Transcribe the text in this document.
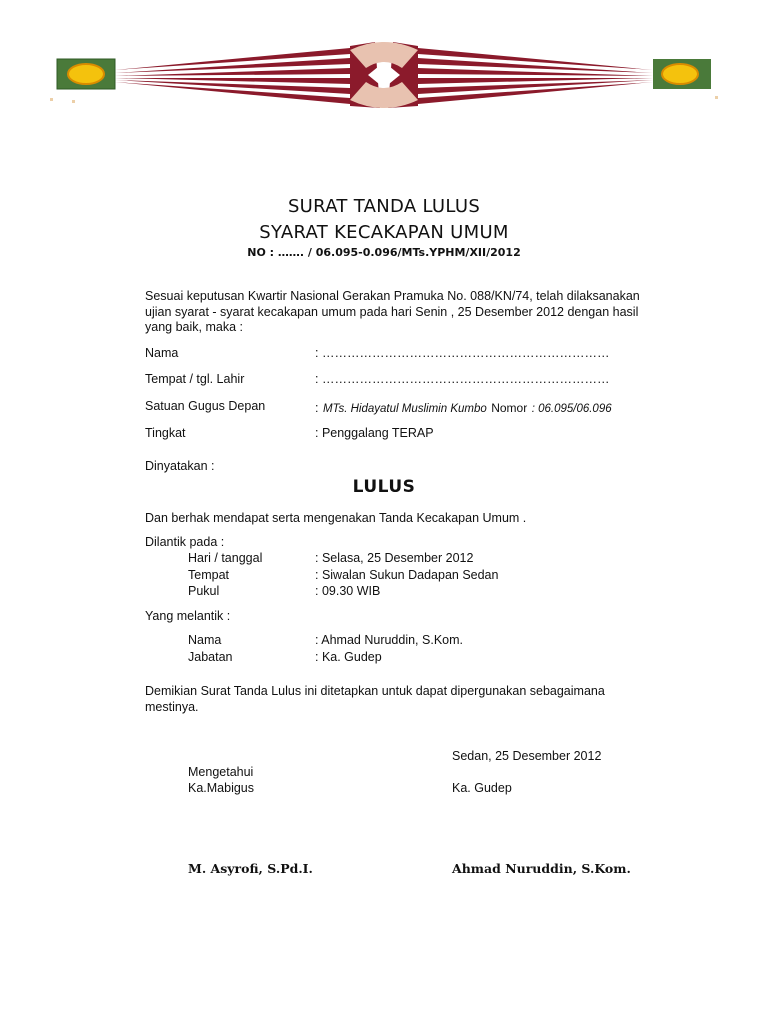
SURAT TANDA LULUS
SYARAT KECAKAPAN UMUM
NO : ……. / 06.095-0.096/MTs.YPHM/XII/2012
Sesuai keputusan Kwartir Nasional Gerakan Pramuka No. 088/KN/74, telah dilaksanakan ujian syarat - syarat kecakapan umum pada hari Senin , 25 Desember 2012 dengan hasil yang baik, maka :
Nama	: ……………………………………………………………
Tempat / tgl. Lahir	: ……………………………………………………………
Satuan Gugus Depan	: MTs. Hidayatul Muslimin Kumbo Nomor : 06.095/06.096
Tingkat	: Penggalang TERAP
Dinyatakan :
LULUS
Dan berhak mendapat serta mengenakan Tanda Kecakapan Umum .
Dilantik pada :
Hari / tanggal	: Selasa, 25 Desember 2012
Tempat	: Siwalan Sukun Dadapan Sedan
Pukul	: 09.30 WIB
Yang melantik :
Nama	: Ahmad Nuruddin, S.Kom.
Jabatan	: Ka. Gudep
Demikian Surat Tanda Lulus ini ditetapkan untuk dapat dipergunakan sebagaimana mestinya.
Sedan, 25 Desember 2012
Mengetahui
Ka.Mabigus	Ka. Gudep
M. Asyrofi, S.Pd.I.	Ahmad Nuruddin, S.Kom.
